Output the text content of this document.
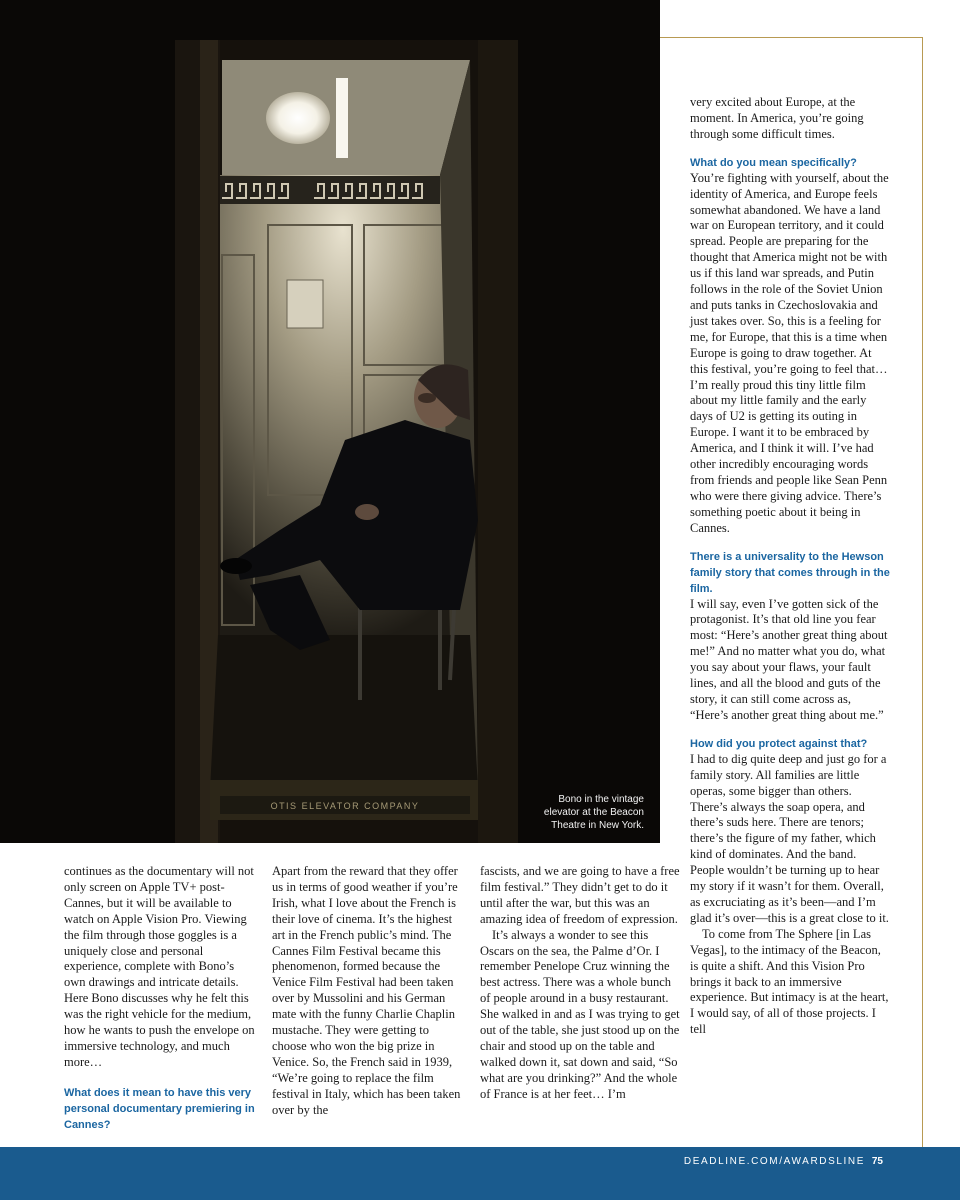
OTIS ELEVATOR COMPANY
Bono in the vintage
elevator at the Beacon
Theatre in New York.

very excited about Europe, at the moment. In America, you’re going through some difficult times.

What do you mean specifically?

You’re fighting with yourself, about the identity of America, and Europe feels somewhat abandoned. We have a land war on European territory, and it could spread. People are preparing for the thought that America might not be with us if this land war spreads, and Putin follows in the role of the Soviet Union and puts tanks in Czechoslovakia and just takes over. So, this is a feeling for me, for Europe, that this is a time when Europe is going to draw together. At this festival, you’re going to feel that… I’m really proud this tiny little film about my little family and the early days of U2 is getting its outing in Europe. I want it to be embraced by America, and I think it will. I’ve had other incredibly encouraging words from friends and people like Sean Penn who were there giving advice. There’s something poetic about it being in Cannes.

There is a universality to the Hewson family story that comes through in the film.

I will say, even I’ve gotten sick of the protagonist. It’s that old line you fear most: “Here’s another great thing about me!” And no matter what you do, what you say about your flaws, your fault lines, and all the blood and guts of the story, it can still come across as, “Here’s another great thing about me.”

How did you protect against that?

I had to dig quite deep and just go for a family story. All families are little operas, some bigger than others. There’s always the soap opera, and there’s suds here. There are tenors; there’s the figure of my father, which kind of dominates. And the band. People wouldn’t be turning up to hear my story if it wasn’t for them. Overall, as excruciating as it’s been—and I’m glad it’s over—this is a great close to it.

To come from The Sphere [in Las Vegas], to the intimacy of the Beacon, is quite a shift. And this Vision Pro brings it back to an immersive experience. But intimacy is at the heart, I would say, of all of those projects. I tell

continues as the documentary will not only screen on Apple TV+ post-Cannes, but it will be available to watch on Apple Vision Pro. Viewing the film through those goggles is a uniquely close and personal experience, complete with Bono’s own drawings and intricate details. Here Bono discusses why he felt this was the right vehicle for the medium, how he wants to push the envelope on immersive technology, and much more…

What does it mean to have this very personal documentary premiering in Cannes?

Apart from the reward that they offer us in terms of good weather if you’re Irish, what I love about the French is their love of cinema. It’s the highest art in the French public’s mind. The Cannes Film Festival became this phenomenon, formed because the Venice Film Festival had been taken over by Mussolini and his German mate with the funny Charlie Chaplin mustache. They were getting to choose who won the big prize in Venice. So, the French said in 1939, “We’re going to replace the film festival in Italy, which has been taken over by the

fascists, and we are going to have a free film festival.” They didn’t get to do it until after the war, but this was an amazing idea of freedom of expression.

It’s always a wonder to see this Oscars on the sea, the Palme d’Or. I remember Penelope Cruz winning the best actress. There was a whole bunch of people around in a busy restaurant. She walked in and as I was trying to get out of the table, she just stood up on the chair and stood up on the table and walked down it, sat down and said, “So what are you drinking?” And the whole of France is at her feet… I’m

DEADLINE.COM/AWARDSLINE 75
